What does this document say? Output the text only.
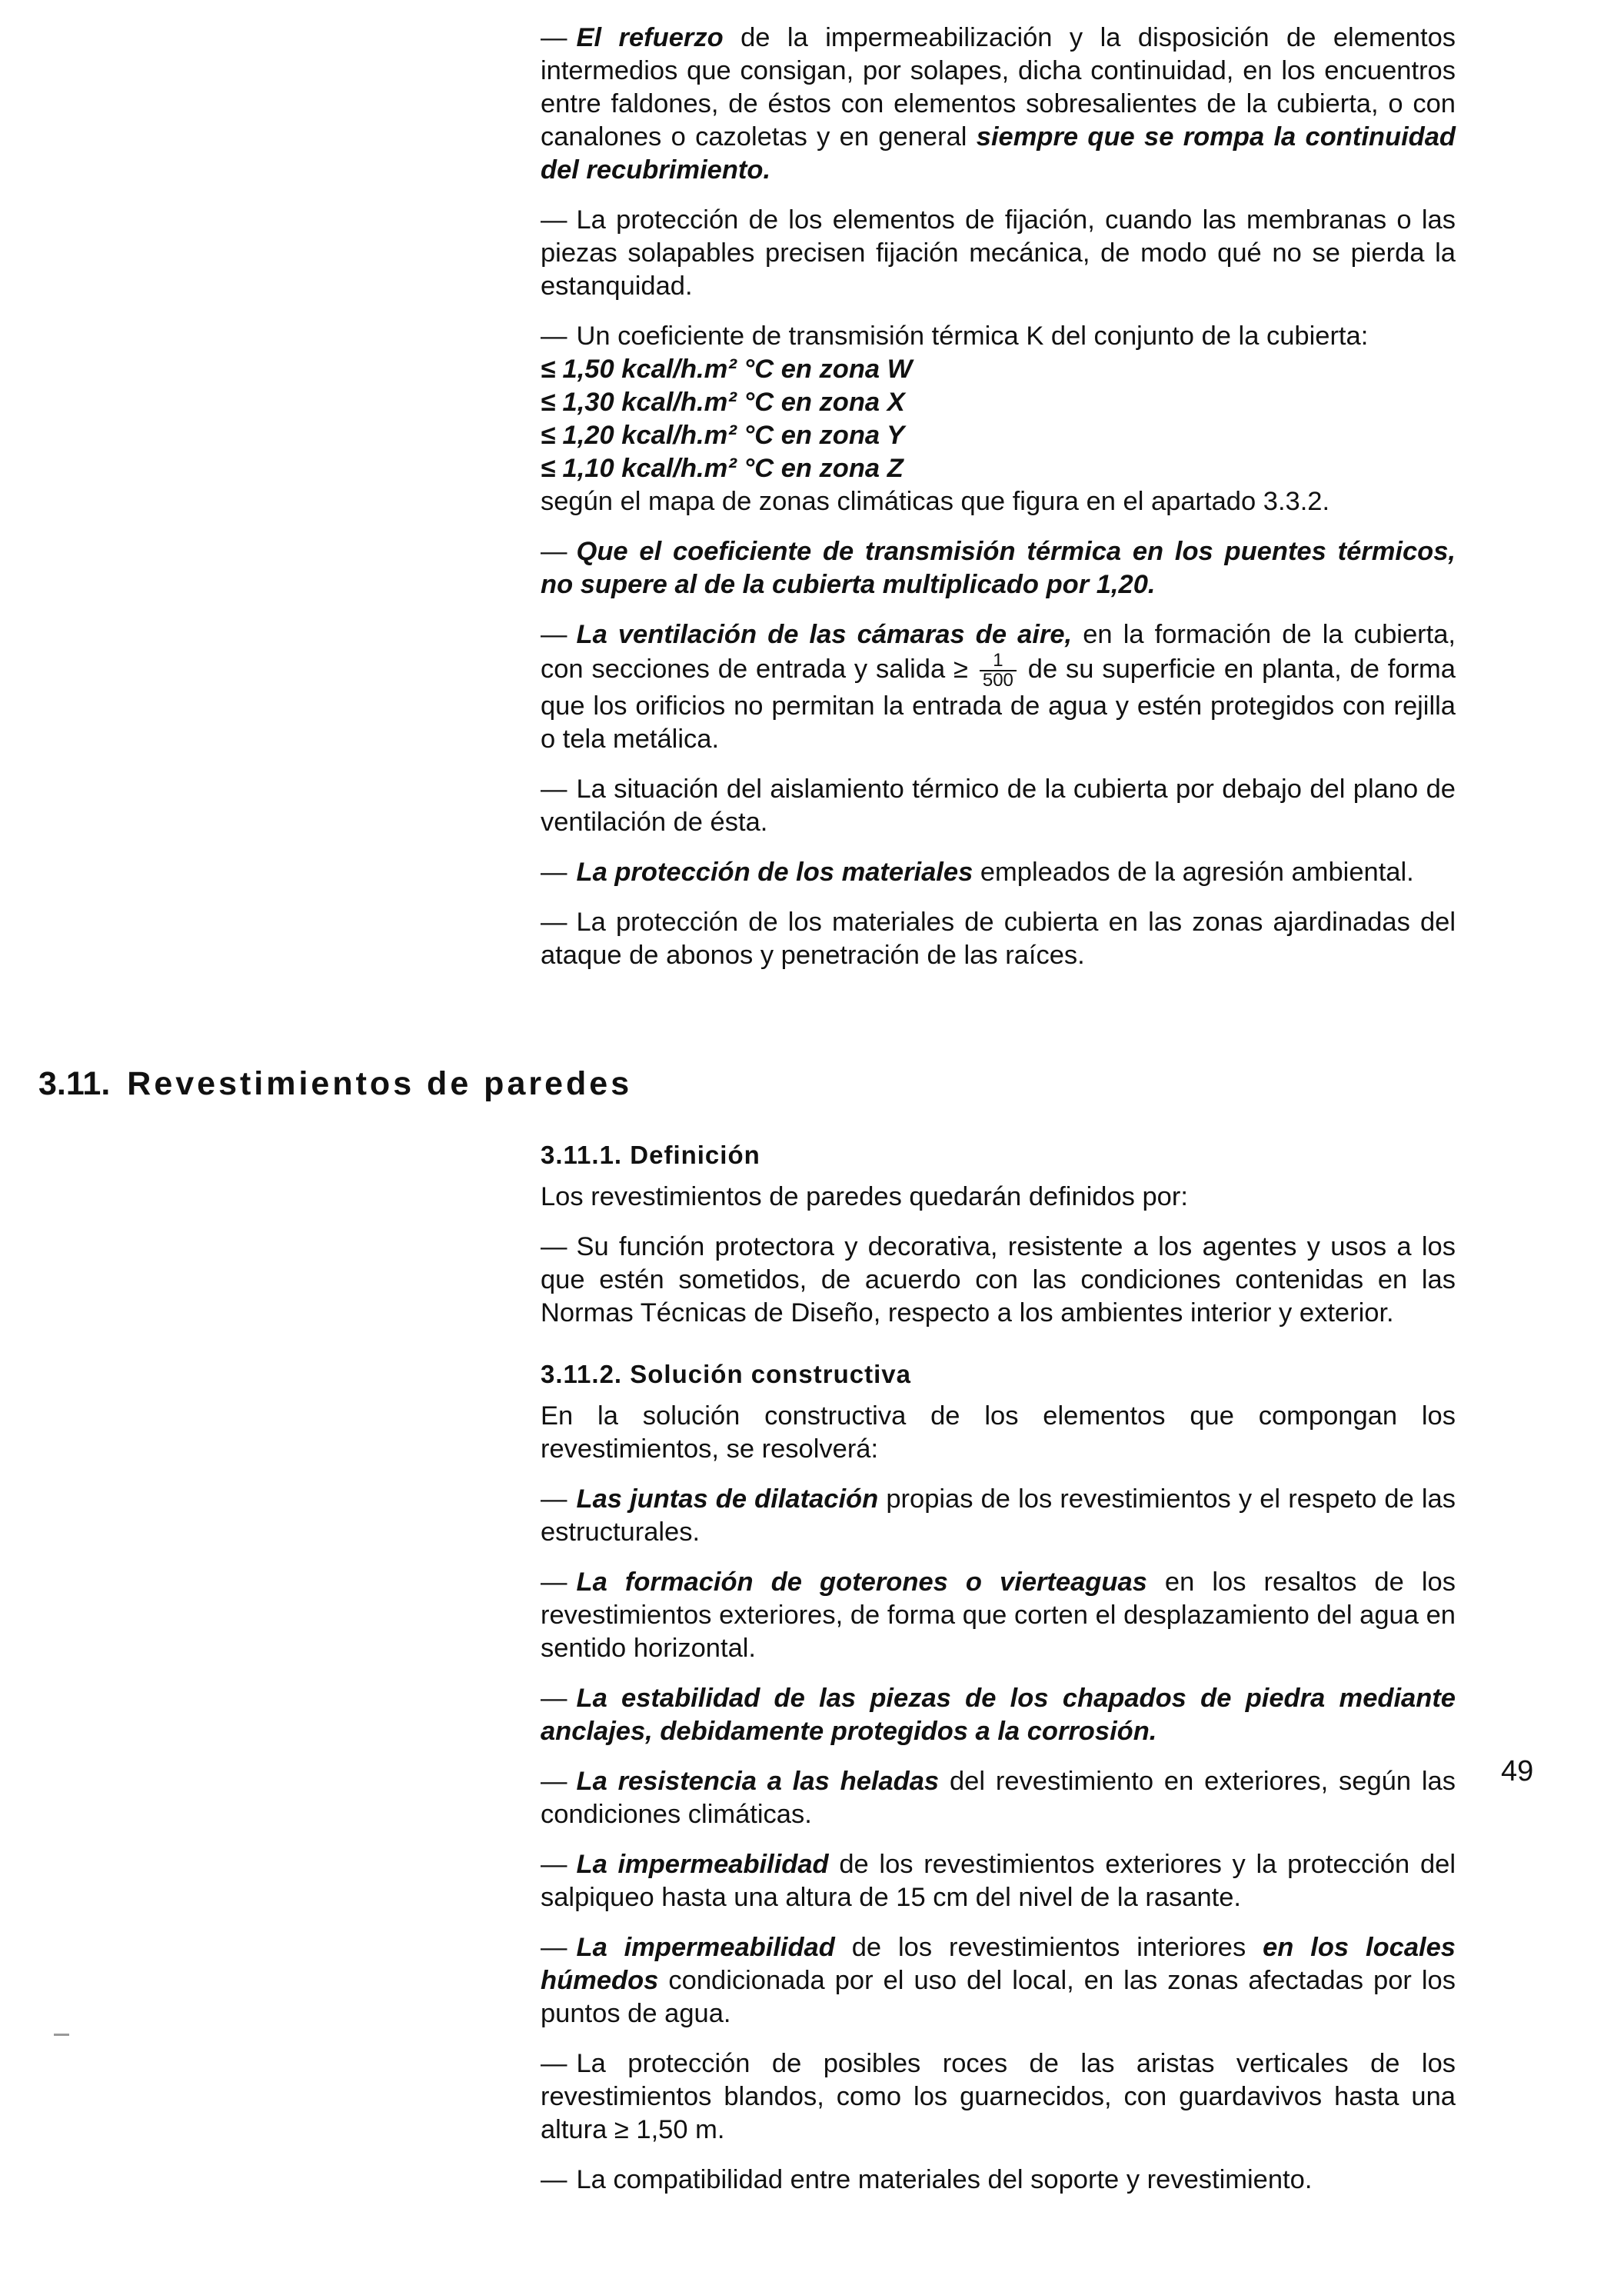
— El refuerzo de la impermeabilización y la disposición de elementos intermedios que consigan, por solapes, dicha continuidad, en los encuentros entre faldones, de éstos con elementos sobresalientes de la cubierta, o con canalones o cazoletas y en general siempre que se rompa la continuidad del recubrimiento.

— La protección de los elementos de fijación, cuando las membranas o las piezas solapables precisen fijación mecánica, de modo qué no se pierda la estanquidad.

— Un coeficiente de transmisión térmica K del conjunto de la cubierta:
≤ 1,50 kcal/h.m² °C en zona W
≤ 1,30 kcal/h.m² °C en zona X
≤ 1,20 kcal/h.m² °C en zona Y
≤ 1,10 kcal/h.m² °C en zona Z
según el mapa de zonas climáticas que figura en el apartado 3.3.2.

— Que el coeficiente de transmisión térmica en los puentes térmicos, no supere al de la cubierta multiplicado por 1,20.

— La ventilación de las cámaras de aire, en la formación de la cubierta, con secciones de entrada y salida ≥ $\frac{1}{500}$ de su superficie en planta, de forma que los orificios no permitan la entrada de agua y estén protegidos con rejilla o tela metálica.

— La situación del aislamiento térmico de la cubierta por debajo del plano de ventilación de ésta.

— La protección de los materiales empleados de la agresión ambiental.

— La protección de los materiales de cubierta en las zonas ajardinadas del ataque de abonos y penetración de las raíces.

3.11. Revestimientos de paredes
3.11.1. Definición

Los revestimientos de paredes quedarán definidos por:

— Su función protectora y decorativa, resistente a los agentes y usos a los que estén sometidos, de acuerdo con las condiciones contenidas en las Normas Técnicas de Diseño, respecto a los ambientes interior y exterior.

3.11.2. Solución constructiva

En la solución constructiva de los elementos que compongan los revestimientos, se resolverá:

— Las juntas de dilatación propias de los revestimientos y el respeto de las estructurales.

— La formación de goterones o vierteaguas en los resaltos de los revestimientos exteriores, de forma que corten el desplazamiento del agua en sentido horizontal.

— La estabilidad de las piezas de los chapados de piedra mediante anclajes, debidamente protegidos a la corrosión.

— La resistencia a las heladas del revestimiento en exteriores, según las condiciones climáticas.

— La impermeabilidad de los revestimientos exteriores y la protección del salpiqueo hasta una altura de 15 cm del nivel de la rasante.

— La impermeabilidad de los revestimientos interiores en los locales húmedos condicionada por el uso del local, en las zonas afectadas por los puntos de agua.

— La protección de posibles roces de las aristas verticales de los revestimientos blandos, como los guarnecidos, con guardavivos hasta una altura ≥ 1,50 m.

— La compatibilidad entre materiales del soporte y revestimiento.

49
